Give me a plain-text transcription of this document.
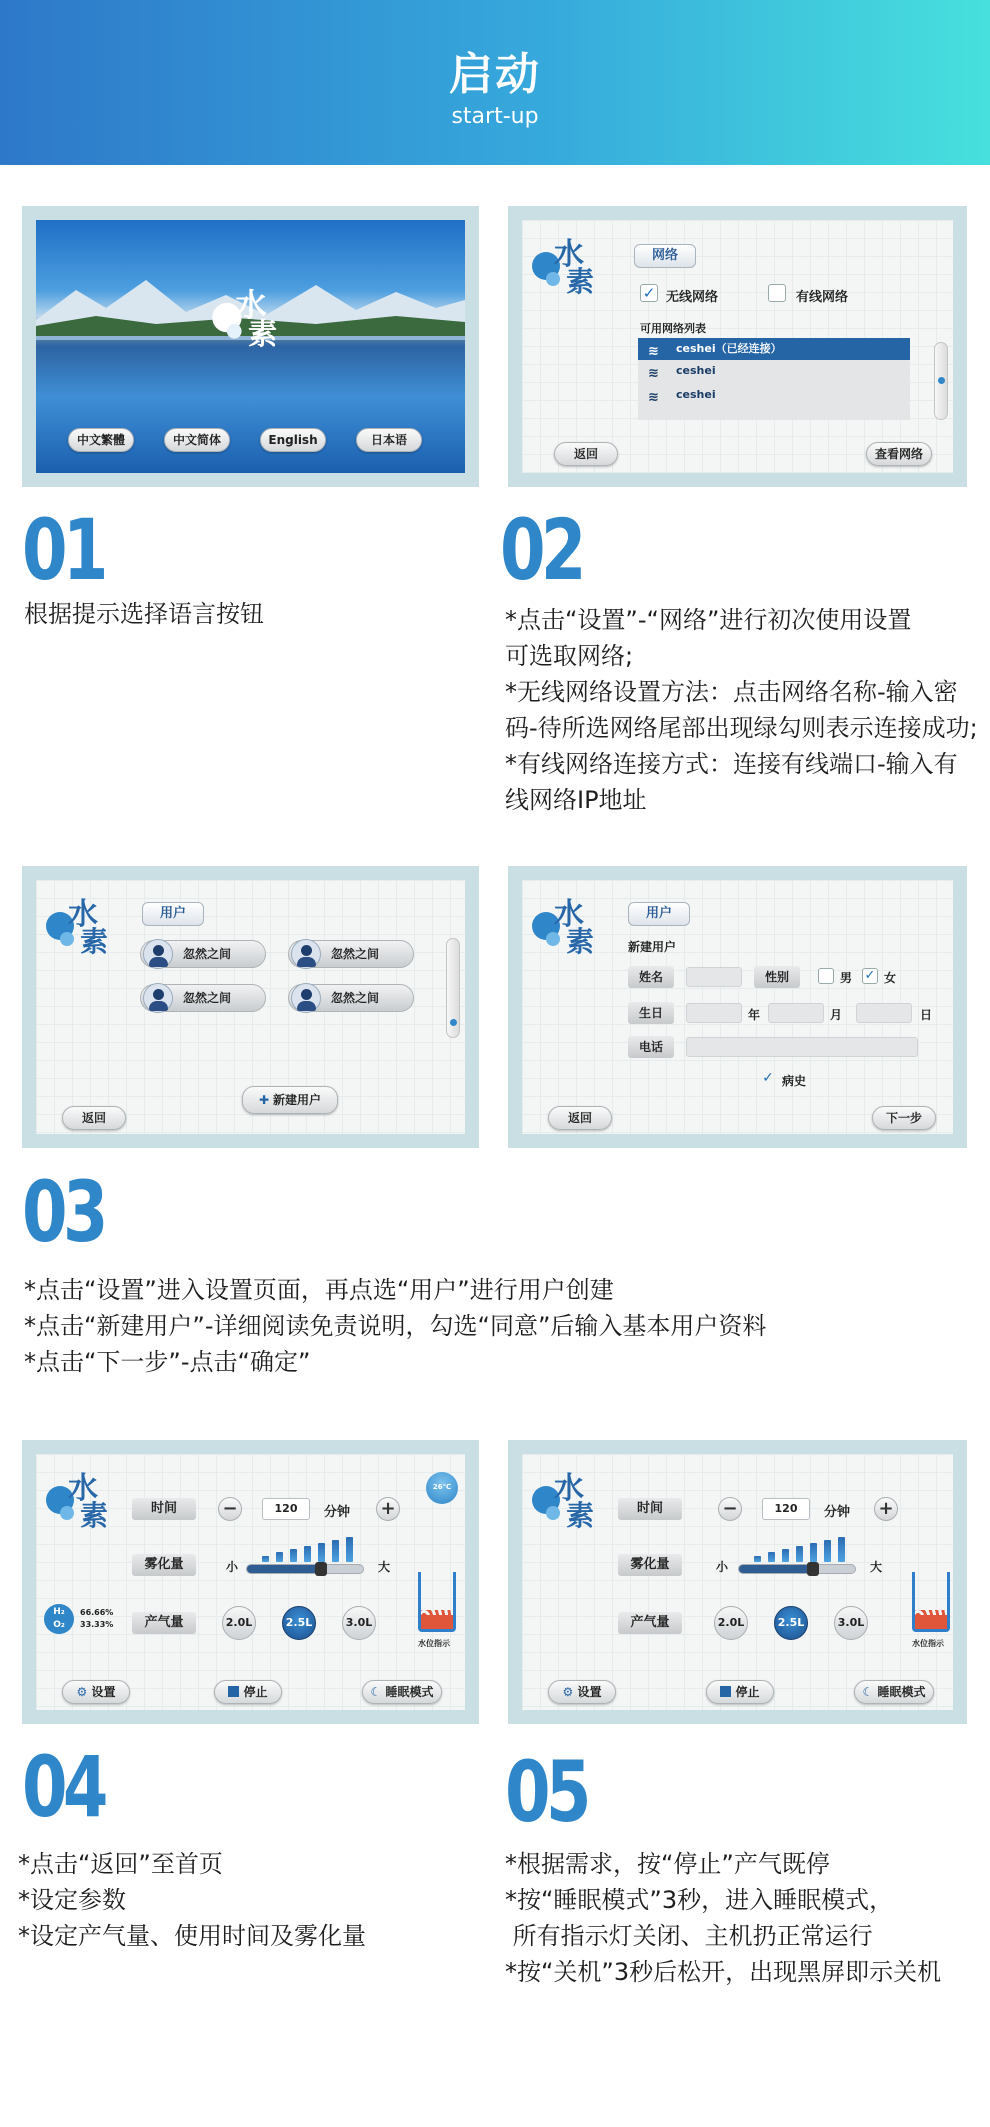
启动
start-up
水
素
中文繁體	中文简体	English	日本语
水
素
网络
✓ 无线网络	有线网络
可用网络列表
≋ ceshei（已经连接）
≋ ceshei
≋ ceshei
返回	查看网络
01
根据提示选择语言按钮
02
*点击“设置”-“网络”进行初次使用设置
可选取网络;
*无线网络设置方法：点击网络名称-输入密
码-待所选网络尾部出现绿勾则表示连接成功;
*有线网络连接方式：连接有线端口-输入有
线网络IP地址
水
素
用户
忽然之间	忽然之间
忽然之间	忽然之间
✚ 新建用户
返回
水
素
用户
新建用户
姓名	性别	男 ✓ 女
生日	年	月	日
电话
✓ 病史
返回	下一步
03
*点击“设置”进入设置页面，再点选“用户”进行用户创建
*点击“新建用户”-详细阅读免责说明，勾选“同意”后输入基本用户资料
*点击“下一步”-点击“确定”
水
素	时间	−	120	分钟 +
26℃
雾化量	小	大
H₂
O₂
66.66%
33.33%	产气量	2.0L	2.5L	3.0L
水位指示
⚙ 设置	停止	☾ 睡眠模式
水
素	时间	−	120	分钟 +
雾化量	小	大
产气量	2.0L	2.5L	3.0L
水位指示
⚙ 设置	停止	☾ 睡眠模式
04
*点击“返回”至首页
*设定参数
*设定产气量、使用时间及雾化量
05
*根据需求，按“停止”产气既停
*按“睡眠模式”3秒，进入睡眠模式，
所有指示灯关闭、主机扔正常运行
*按“关机”3秒后松开，出现黑屏即示关机
